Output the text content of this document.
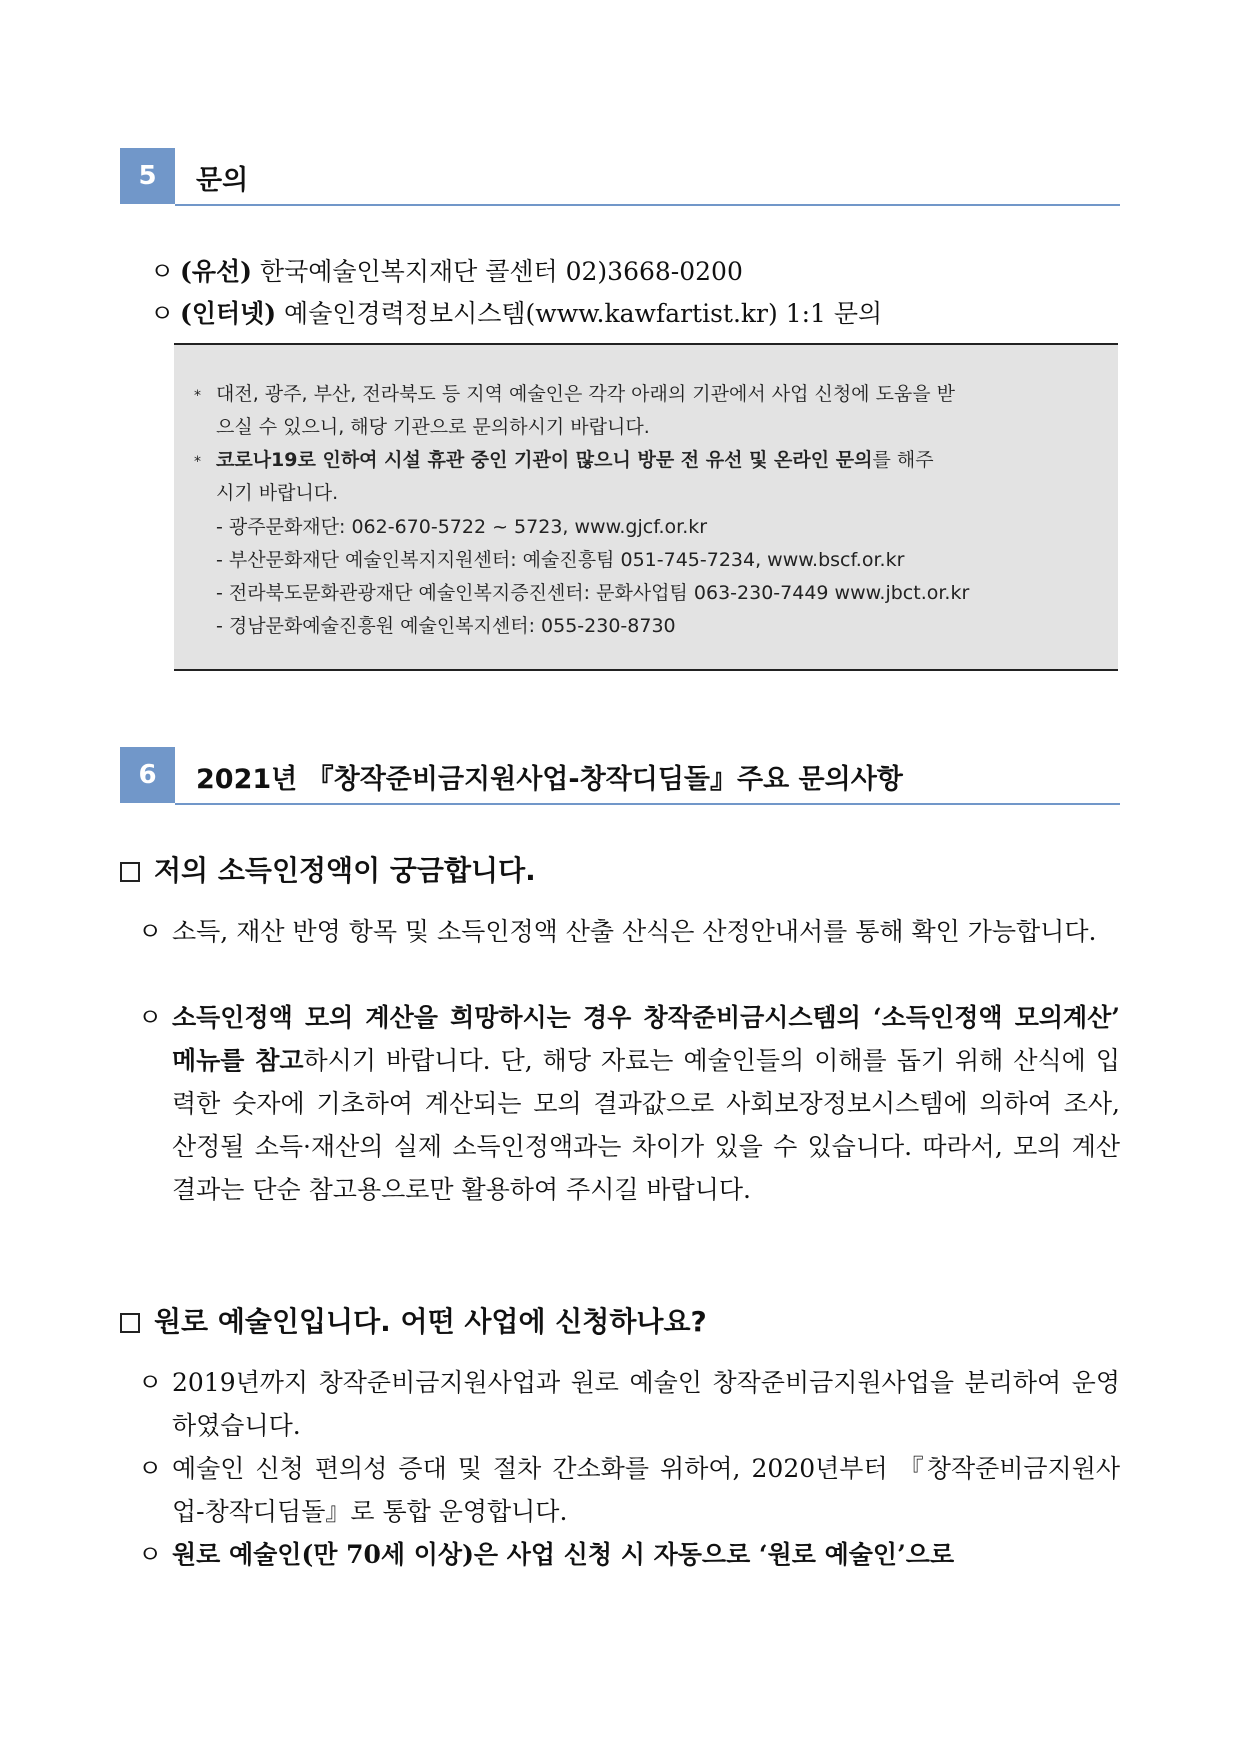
5	문의
ㅇ (유선) 한국예술인복지재단 콜센터 02)3668-0200
ㅇ (인터넷) 예술인경력정보시스템(www.kawfartist.kr) 1:1 문의
* 대전, 광주, 부산, 전라북도 등 지역 예술인은 각각 아래의 기관에서 사업 신청에 도움을 받
으실 수 있으니, 해당 기관으로 문의하시기 바랍니다.
* 코로나19로 인하여 시설 휴관 중인 기관이 많으니 방문 전 유선 및 온라인 문의를 해주
시기 바랍니다.
- 광주문화재단: 062-670-5722 ~ 5723, www.gjcf.or.kr
- 부산문화재단 예술인복지지원센터: 예술진흥팀 051-745-7234, www.bscf.or.kr
- 전라북도문화관광재단 예술인복지증진센터: 문화사업팀 063-230-7449 www.jbct.or.kr
- 경남문화예술진흥원 예술인복지센터: 055-230-8730
6	2021년 『창작준비금지원사업-창작디딤돌』주요 문의사항
저의 소득인정액이 궁금합니다.
ㅇ 소득, 재산 반영 항목 및 소득인정액 산출 산식은 산정안내서를 통해 확인 가능합니다.
ㅇ 소득인정액 모의 계산을 희망하시는 경우 창작준비금시스템의 ‘소득인정액 모의계산’ 메뉴를 참고하시기 바랍니다. 단, 해당 자료는 예술인들의 이해를 돕기 위해 산식에 입력한 숫자에 기초하여 계산되는 모의 결과값으로 사회보장정보시스템에 의하여 조사, 산정될 소득·재산의 실제 소득인정액과는 차이가 있을 수 있습니다. 따라서, 모의 계산 결과는 단순 참고용으로만 활용하여 주시길 바랍니다.
원로 예술인입니다. 어떤 사업에 신청하나요?
ㅇ 2019년까지 창작준비금지원사업과 원로 예술인 창작준비금지원사업을 분리하여 운영하였습니다.
ㅇ 예술인 신청 편의성 증대 및 절차 간소화를 위하여, 2020년부터 『창작준비금지원사업-창작디딤돌』로 통합 운영합니다.
ㅇ 원로 예술인(만 70세 이상)은 사업 신청 시 자동으로 ‘원로 예술인’으로
